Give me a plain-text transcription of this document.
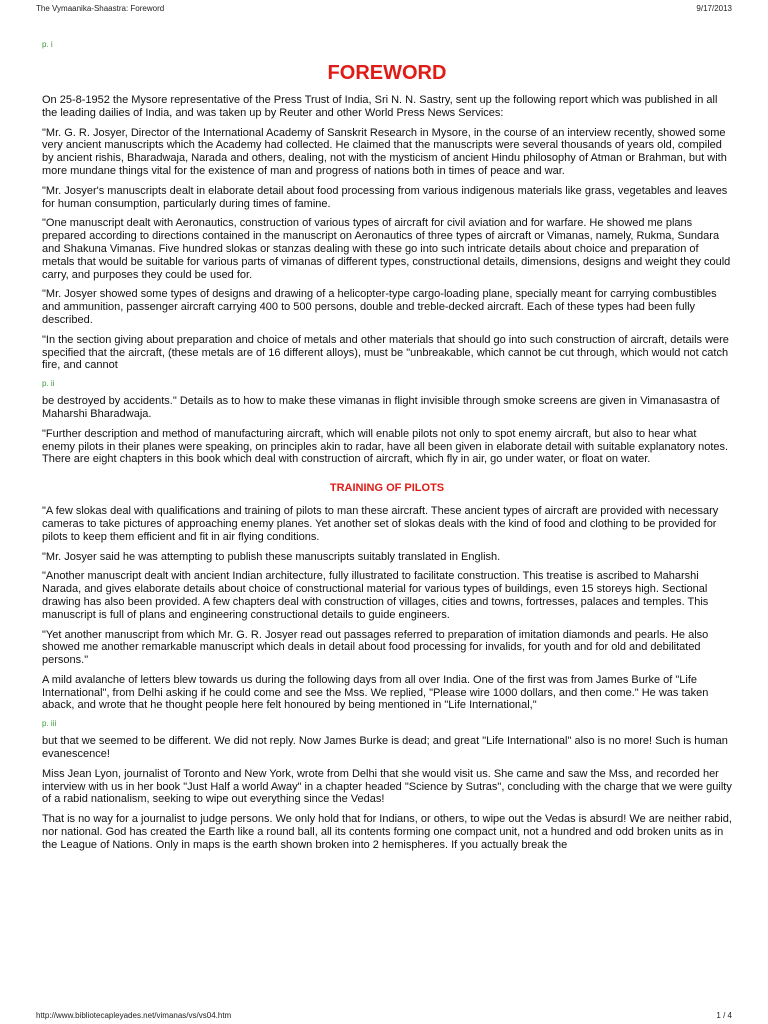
The Vymaanika-Shaastra: Foreword	9/17/2013

p. i

FOREWORD

On 25-8-1952 the Mysore representative of the Press Trust of India, Sri N. N. Sastry, sent up the following report which was published in all the leading dailies of India, and was taken up by Reuter and other World Press News Services:

"Mr. G. R. Josyer, Director of the International Academy of Sanskrit Research in Mysore, in the course of an interview recently, showed some very ancient manuscripts which the Academy had collected. He claimed that the manuscripts were several thousands of years old, compiled by ancient rishis, Bharadwaja, Narada and others, dealing, not with the mysticism of ancient Hindu philosophy of Atman or Brahman, but with more mundane things vital for the existence of man and progress of nations both in times of peace and war.

"Mr. Josyer's manuscripts dealt in elaborate detail about food processing from various indigenous materials like grass, vegetables and leaves for human consumption, particularly during times of famine.

"One manuscript dealt with Aeronautics, construction of various types of aircraft for civil aviation and for warfare. He showed me plans prepared according to directions contained in the manuscript on Aeronautics of three types of aircraft or Vimanas, namely, Rukma, Sundara and Shakuna Vimanas. Five hundred slokas or stanzas dealing with these go into such intricate details about choice and preparation of metals that would be suitable for various parts of vimanas of different types, constructional details, dimensions, designs and weight they could carry, and purposes they could be used for.

"Mr. Josyer showed some types of designs and drawing of a helicopter-type cargo-loading plane, specially meant for carrying combustibles and ammunition, passenger aircraft carrying 400 to 500 persons, double and treble-decked aircraft. Each of these types had been fully described.

"In the section giving about preparation and choice of metals and other materials that should go into such construction of aircraft, details were specified that the aircraft, (these metals are of 16 different alloys), must be "unbreakable, which cannot be cut through, which would not catch fire, and cannot

p. ii

be destroyed by accidents." Details as to how to make these vimanas in flight invisible through smoke screens are given in Vimanasastra of Maharshi Bharadwaja.

"Further description and method of manufacturing aircraft, which will enable pilots not only to spot enemy aircraft, but also to hear what enemy pilots in their planes were speaking, on principles akin to radar, have all been given in elaborate detail with suitable explanatory notes. There are eight chapters in this book which deal with construction of aircraft, which fly in air, go under water, or float on water.

TRAINING OF PILOTS

"A few slokas deal with qualifications and training of pilots to man these aircraft. These ancient types of aircraft are provided with necessary cameras to take pictures of approaching enemy planes. Yet another set of slokas deals with the kind of food and clothing to be provided for pilots to keep them efficient and fit in air flying conditions.

"Mr. Josyer said he was attempting to publish these manuscripts suitably translated in English.

"Another manuscript dealt with ancient Indian architecture, fully illustrated to facilitate construction. This treatise is ascribed to Maharshi Narada, and gives elaborate details about choice of constructional material for various types of buildings, even 15 storeys high. Sectional drawing has also been provided. A few chapters deal with construction of villages, cities and towns, fortresses, palaces and temples. This manuscript is full of plans and engineering constructional details to guide engineers.

"Yet another manuscript from which Mr. G. R. Josyer read out passages referred to preparation of imitation diamonds and pearls. He also showed me another remarkable manuscript which deals in detail about food processing for invalids, for youth and for old and debilitated persons."

A mild avalanche of letters blew towards us during the following days from all over India. One of the first was from James Burke of "Life International", from Delhi asking if he could come and see the Mss. We replied, "Please wire 1000 dollars, and then come." He was taken aback, and wrote that he thought people here felt honoured by being mentioned in "Life International,"

p. iii

but that we seemed to be different. We did not reply. Now James Burke is dead; and great "Life International" also is no more! Such is human evanescence!

Miss Jean Lyon, journalist of Toronto and New York, wrote from Delhi that she would visit us. She came and saw the Mss, and recorded her interview with us in her book "Just Half a world Away" in a chapter headed "Science by Sutras", concluding with the charge that we were guilty of a rabid nationalism, seeking to wipe out everything since the Vedas!

That is no way for a journalist to judge persons. We only hold that for Indians, or others, to wipe out the Vedas is absurd! We are neither rabid, nor national. God has created the Earth like a round ball, all its contents forming one compact unit, not a hundred and odd broken units as in the League of Nations. Only in maps is the earth shown broken into 2 hemispheres. If you actually break the

http://www.bibliotecapleyades.net/vimanas/vs/vs04.htm	1 / 4
